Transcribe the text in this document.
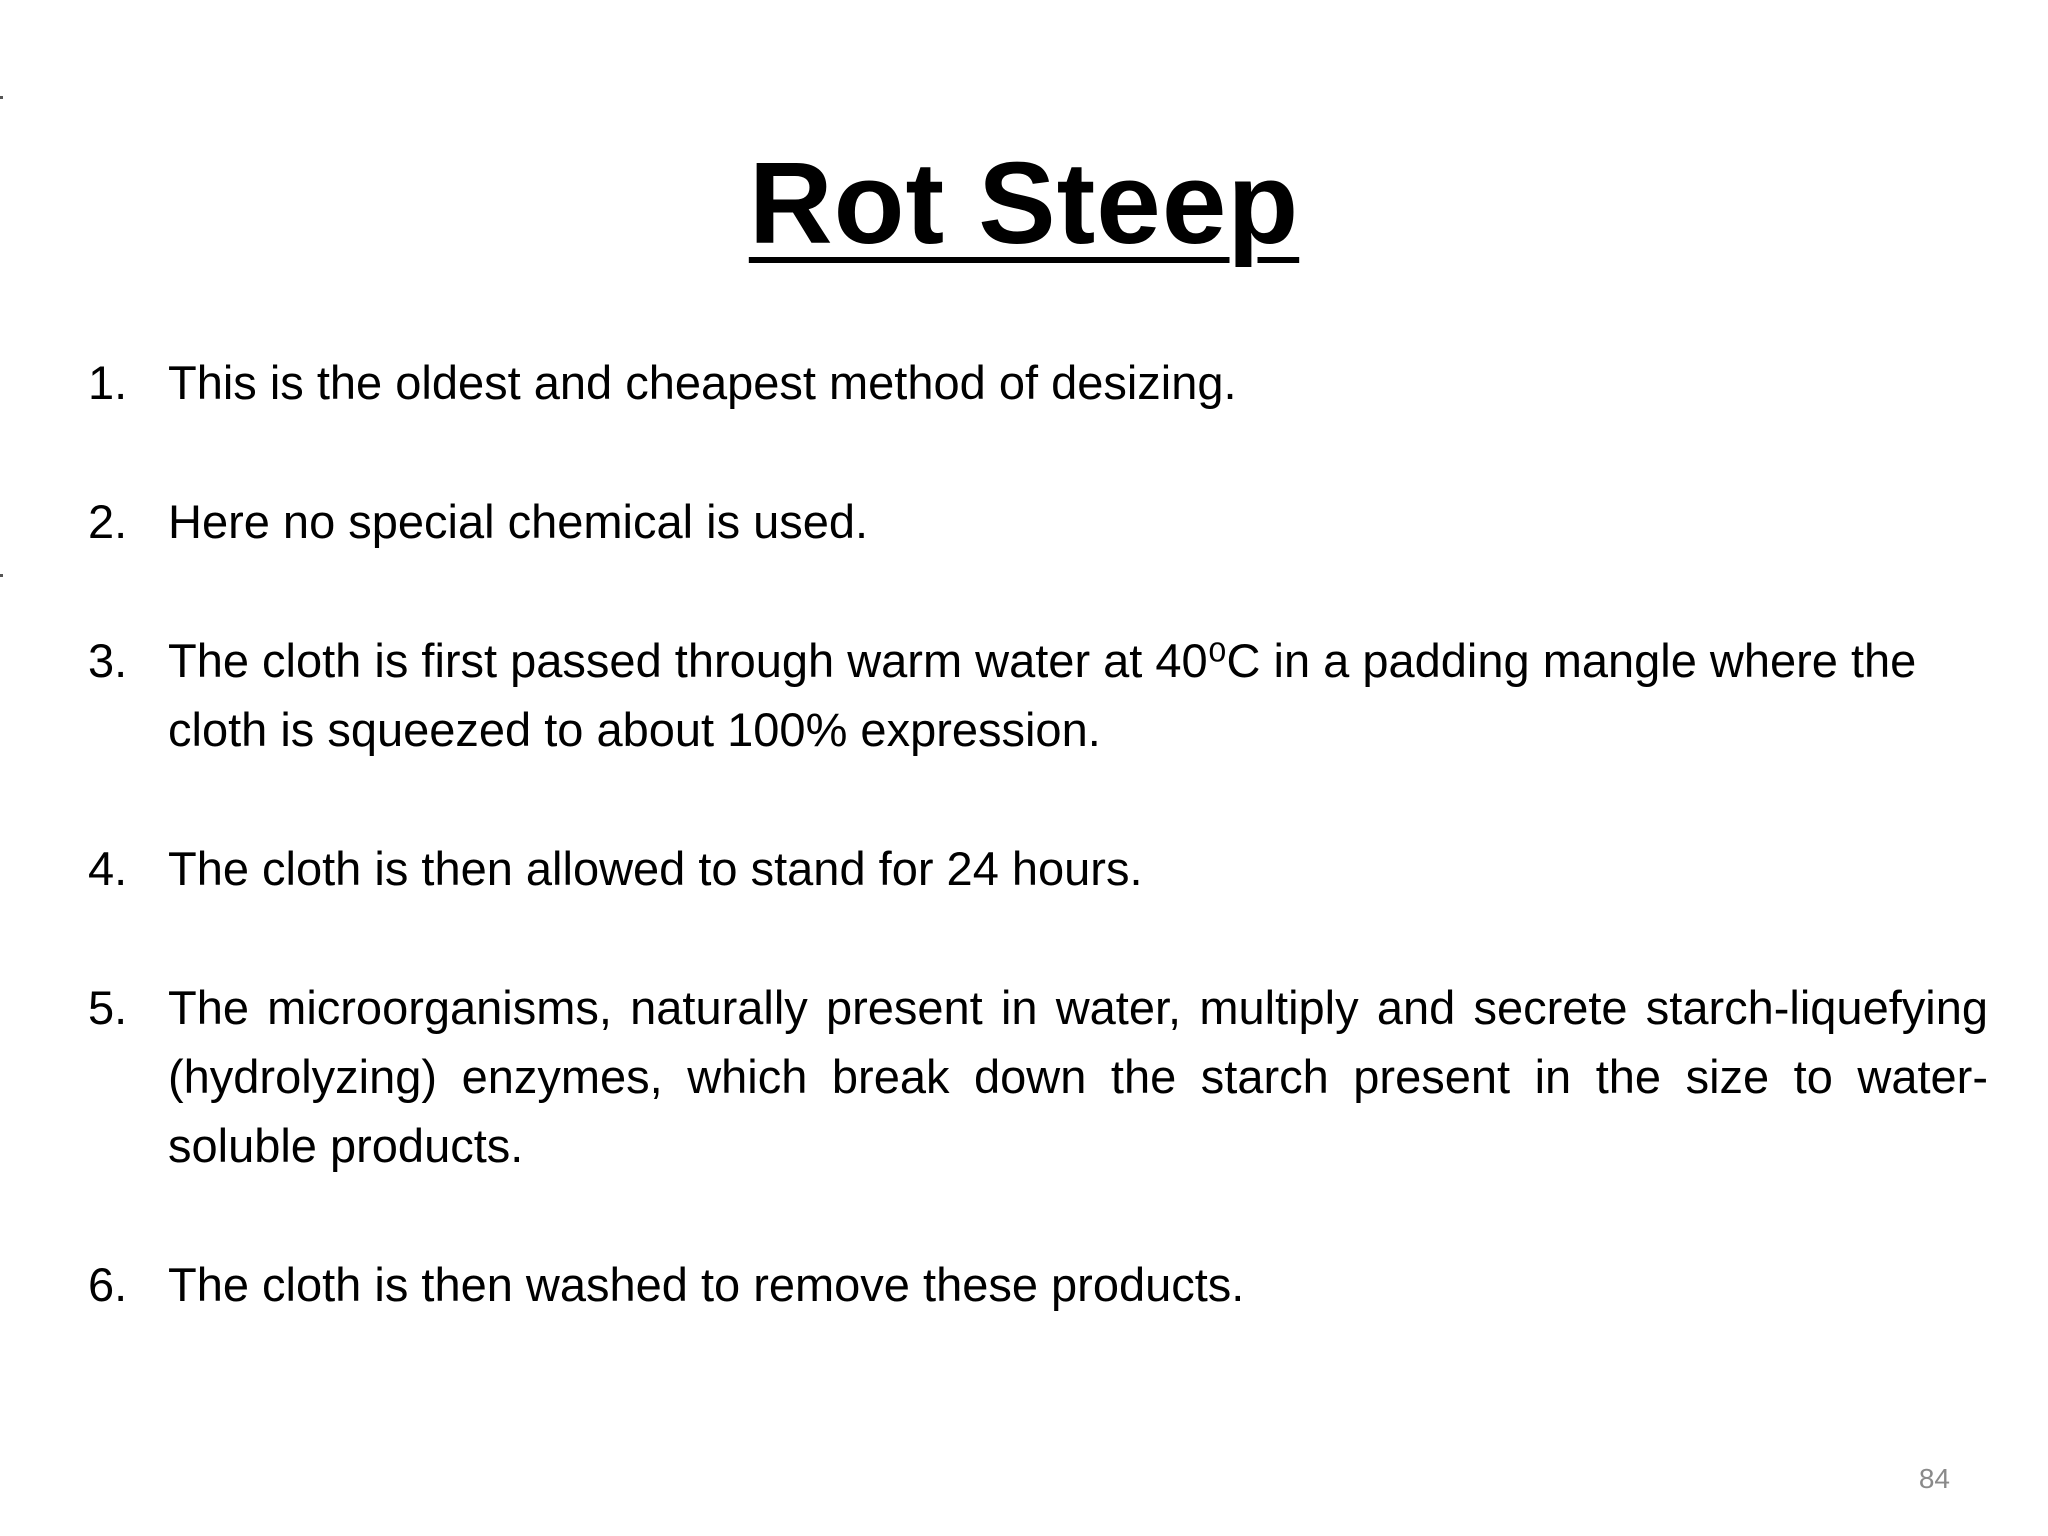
Rot Steep
1. This is the oldest and cheapest method of desizing.
2. Here no special chemical is used.
3. The cloth is first passed through warm water at 40⁰C in a padding mangle where the cloth is squeezed to about 100% expression.
4. The cloth is then allowed to stand for 24 hours.
5. The microorganisms, naturally present in water, multiply and secrete starch-liquefying (hydrolyzing) enzymes, which break down the starch present in the size to water-soluble products.
6. The cloth is then washed to remove these products.
84
